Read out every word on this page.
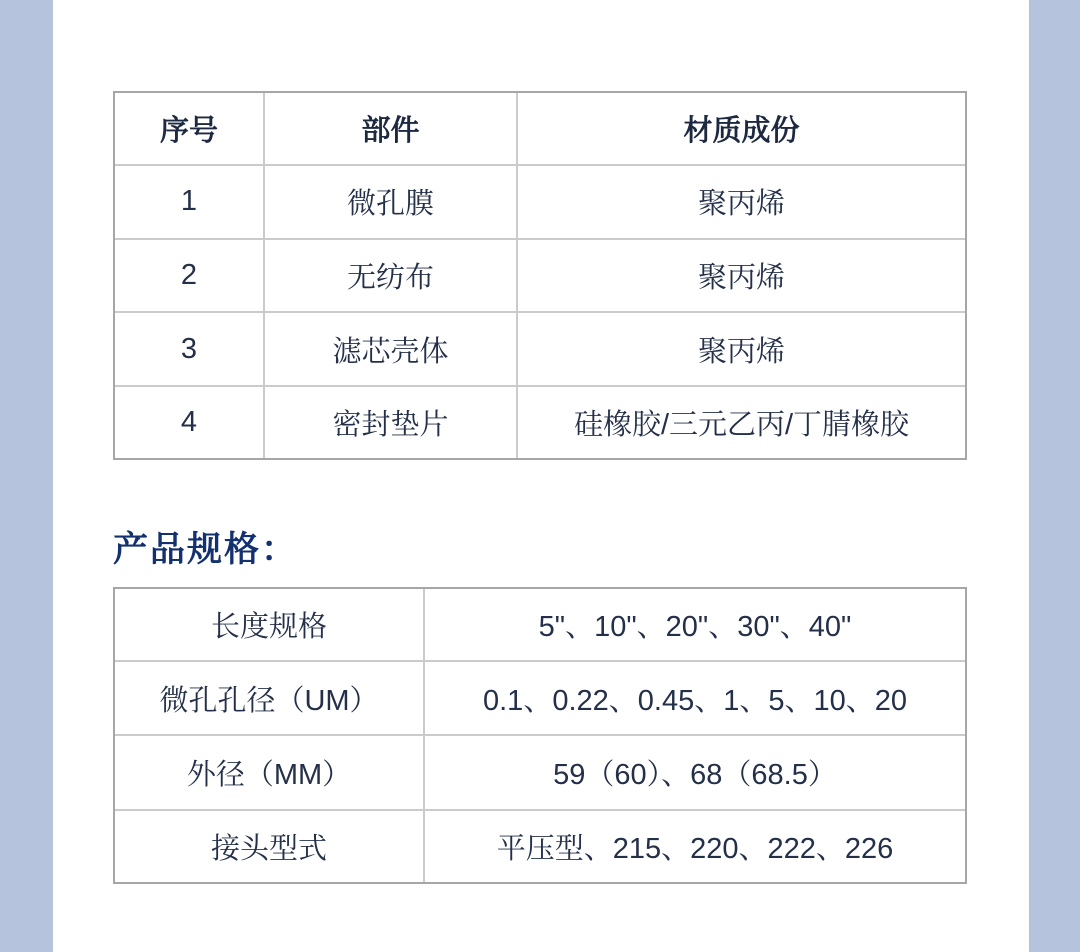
序号	部件	材质成份
1	微孔膜	聚丙烯
2	无纺布	聚丙烯
3	滤芯壳体	聚丙烯
4	密封垫片	硅橡胶/三元乙丙/丁腈橡胶
产品规格：
长度规格	5"、10"、20"、30"、40"
微孔孔径（UM）	0.1、0.22、0.45、1、5、10、20
外径（MM）	59（60）、68（68.5）
接头型式	平压型、215、220、222、226
